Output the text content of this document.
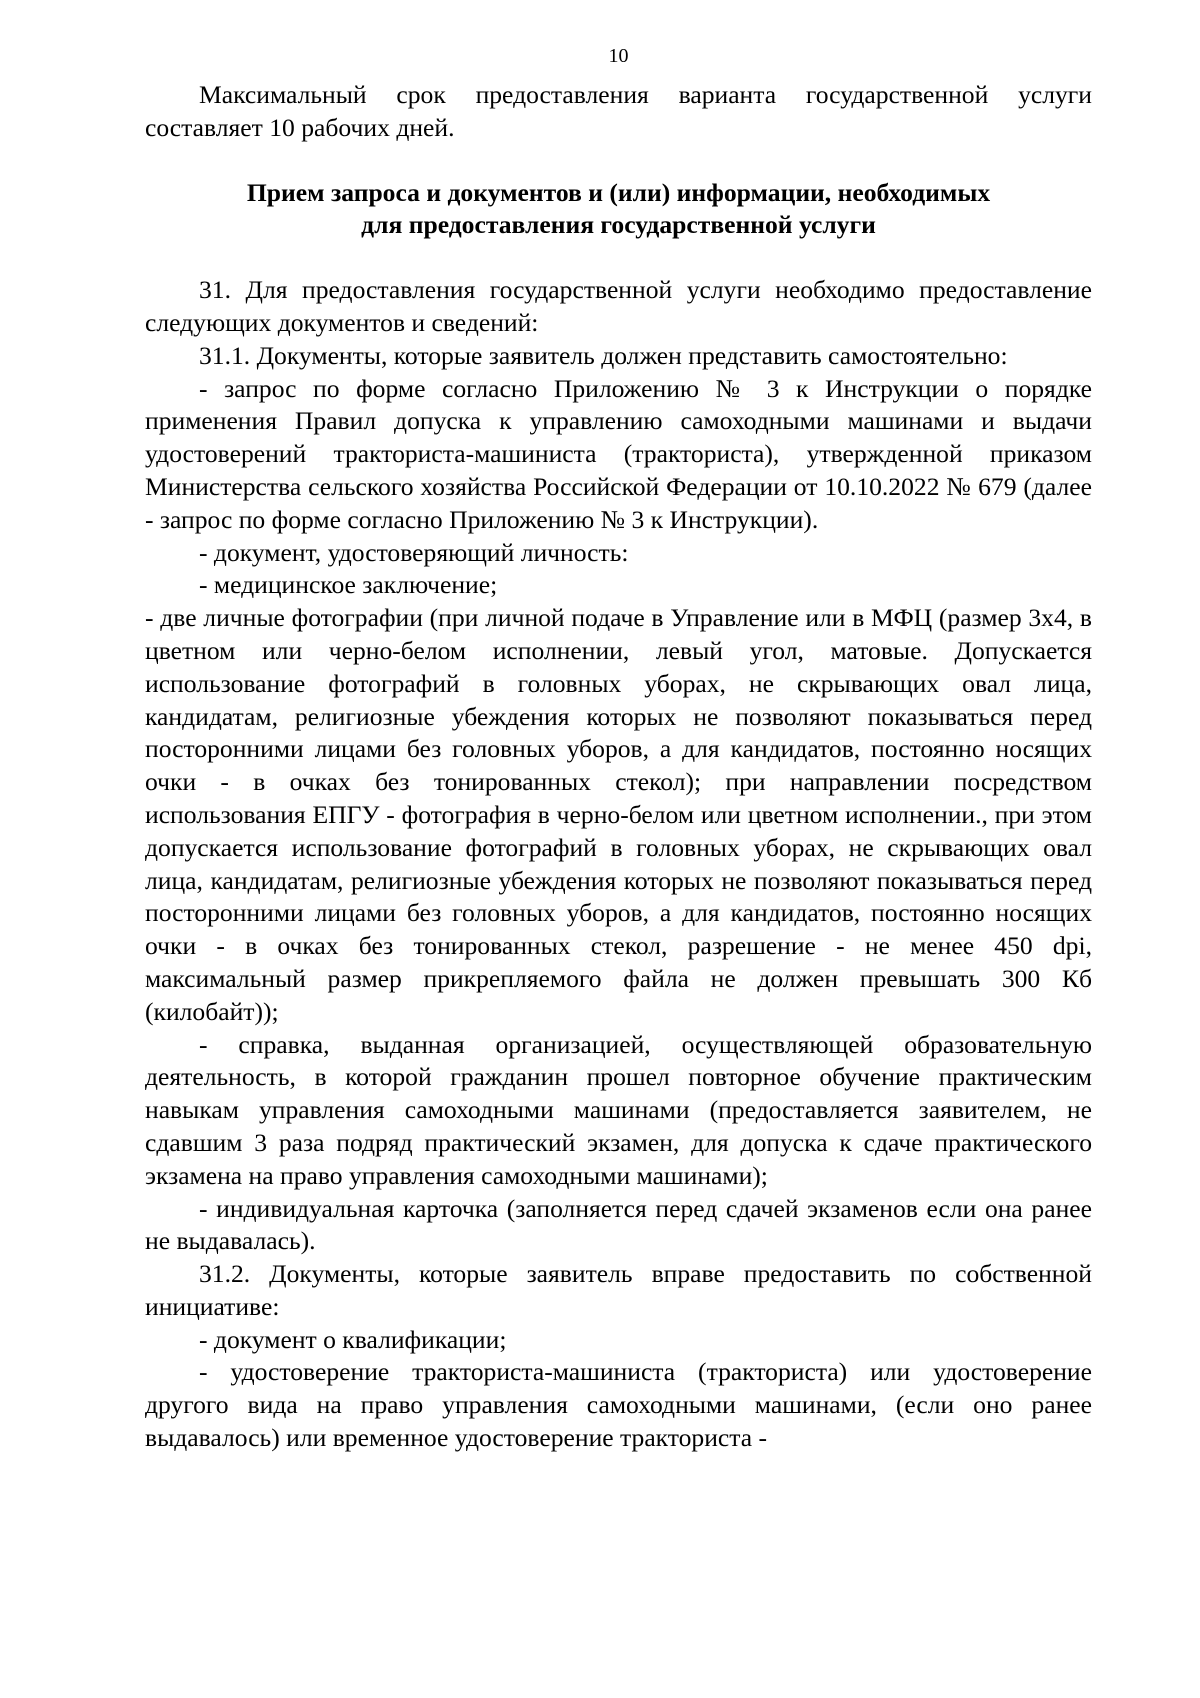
10

Максимальный срок предоставления варианта государственной услуги составляет 10 рабочих дней.

Прием запроса и документов и (или) информации, необходимых
для предоставления государственной услуги

31. Для предоставления государственной услуги необходимо предоставление следующих документов и сведений:

31.1. Документы, которые заявитель должен представить самостоятельно:

- запрос по форме согласно Приложению № 3 к Инструкции о порядке применения Правил допуска к управлению самоходными машинами и выдачи удостоверений тракториста-машиниста (тракториста), утвержденной приказом Министерства сельского хозяйства Российской Федерации от 10.10.2022 № 679 (далее - запрос по форме согласно Приложению № 3 к Инструкции).

- документ, удостоверяющий личность:

- медицинское заключение;

- две личные фотографии (при личной подаче в Управление или в МФЦ (размер 3х4, в цветном или черно-белом исполнении, левый угол, матовые. Допускается использование фотографий в головных уборах, не скрывающих овал лица, кандидатам, религиозные убеждения которых не позволяют показываться перед посторонними лицами без головных уборов, а для кандидатов, постоянно носящих очки - в очках без тонированных стекол); при направлении посредством использования ЕПГУ - фотография в черно-белом или цветном исполнении., при этом допускается использование фотографий в головных уборах, не скрывающих овал лица, кандидатам, религиозные убеждения которых не позволяют показываться перед посторонними лицами без головных уборов, а для кандидатов, постоянно носящих очки - в очках без тонированных стекол, разрешение - не менее 450 dpi, максимальный размер прикрепляемого файла не должен превышать 300 Кб (килобайт));

- справка, выданная организацией, осуществляющей образовательную деятельность, в которой гражданин прошел повторное обучение практическим навыкам управления самоходными машинами (предоставляется заявителем, не сдавшим 3 раза подряд практический экзамен, для допуска к сдаче практического экзамена на право управления самоходными машинами);

- индивидуальная карточка (заполняется перед сдачей экзаменов если она ранее не выдавалась).

31.2. Документы, которые заявитель вправе предоставить по собственной инициативе:

- документ о квалификации;

- удостоверение тракториста-машиниста (тракториста) или удостоверение другого вида на право управления самоходными машинами, (если оно ранее выдавалось) или временное удостоверение тракториста -
